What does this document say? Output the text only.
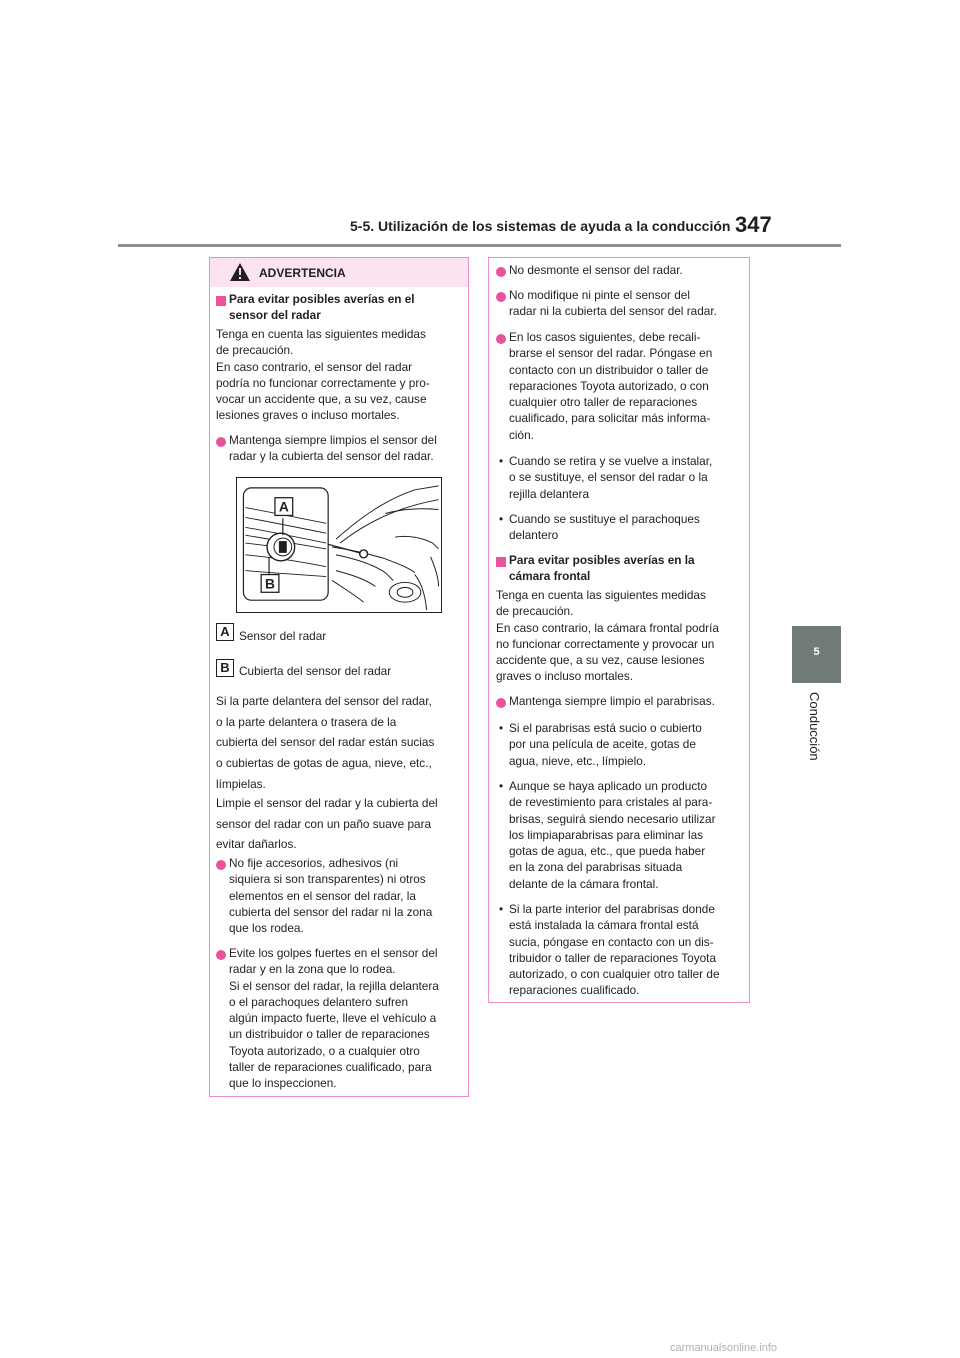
5-5. Utilización de los sistemas de ayuda a la conducción 347
5
Conducción
ADVERTENCIA
Para evitar posibles averías en el
sensor del radar
Tenga en cuenta las siguientes medidas
de precaución.
En caso contrario, el sensor del radar
podría no funcionar correctamente y pro-
vocar un accidente que, a su vez, cause
lesiones graves o incluso mortales.
Mantenga siempre limpios el sensor del
radar y la cubierta del sensor del radar.
A
B
A Sensor del radar
B Cubierta del sensor del radar
Si la parte delantera del sensor del radar,
o la parte delantera o trasera de la
cubierta del sensor del radar están sucias
o cubiertas de gotas de agua, nieve, etc.,
límpielas.
Limpie el sensor del radar y la cubierta del
sensor del radar con un paño suave para
evitar dañarlos.
No fije accesorios, adhesivos (ni
siquiera si son transparentes) ni otros
elementos en el sensor del radar, la
cubierta del sensor del radar ni la zona
que los rodea.
Evite los golpes fuertes en el sensor del
radar y en la zona que lo rodea.
Si el sensor del radar, la rejilla delantera
o el parachoques delantero sufren
algún impacto fuerte, lleve el vehículo a
un distribuidor o taller de reparaciones
Toyota autorizado, o a cualquier otro
taller de reparaciones cualificado, para
que lo inspeccionen.
No desmonte el sensor del radar.
No modifique ni pinte el sensor del
radar ni la cubierta del sensor del radar.
En los casos siguientes, debe recali-
brarse el sensor del radar. Póngase en
contacto con un distribuidor o taller de
reparaciones Toyota autorizado, o con
cualquier otro taller de reparaciones
cualificado, para solicitar más informa-
ción.
• Cuando se retira y se vuelve a instalar,
o se sustituye, el sensor del radar o la
rejilla delantera
• Cuando se sustituye el parachoques
delantero
Para evitar posibles averías en la
cámara frontal
Tenga en cuenta las siguientes medidas
de precaución.
En caso contrario, la cámara frontal podría
no funcionar correctamente y provocar un
accidente que, a su vez, cause lesiones
graves o incluso mortales.
Mantenga siempre limpio el parabrisas.
• Si el parabrisas está sucio o cubierto
por una película de aceite, gotas de
agua, nieve, etc., límpielo.
• Aunque se haya aplicado un producto
de revestimiento para cristales al para-
brisas, seguirá siendo necesario utilizar
los limpiaparabrisas para eliminar las
gotas de agua, etc., que pueda haber
en la zona del parabrisas situada
delante de la cámara frontal.
• Si la parte interior del parabrisas donde
está instalada la cámara frontal está
sucia, póngase en contacto con un dis-
tribuidor o taller de reparaciones Toyota
autorizado, o con cualquier otro taller de
reparaciones cualificado.
carmanualsonline.info
